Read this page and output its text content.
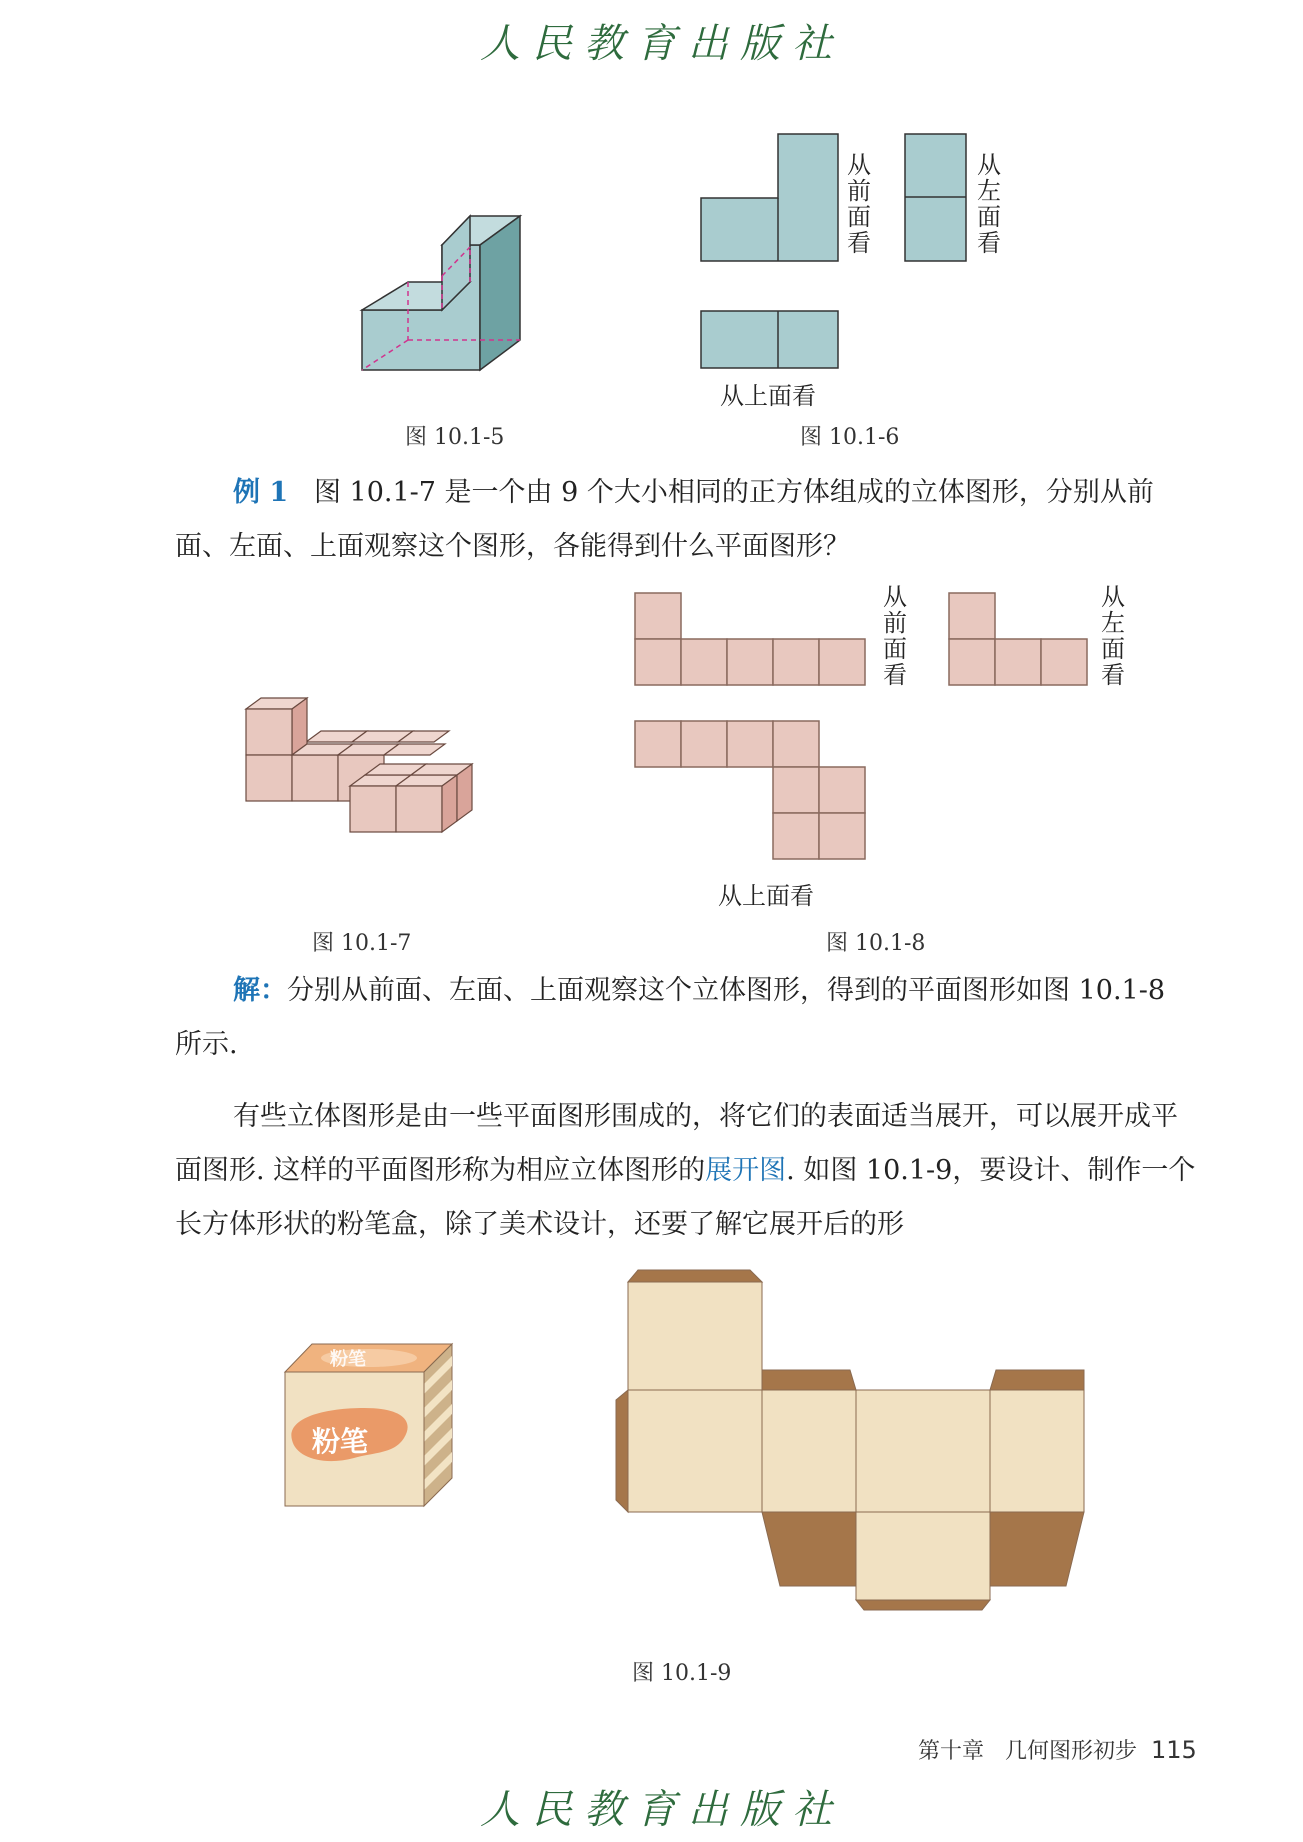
人民教育出版社
图 10.1-5
从前面看
从左面看
从上面看
图 10.1-6
例 1 图 10.1-7 是一个由 9 个大小相同的正方体组成的立体图形，分别从前面、左面、上面观察这个图形，各能得到什么平面图形？
图 10.1-7
从前面看
从左面看
从上面看
图 10.1-8
解：分别从前面、左面、上面观察这个立体图形，得到的平面图形如图 10.1-8 所示.
有些立体图形是由一些平面图形围成的，将它们的表面适当展开，可以展开成平面图形. 这样的平面图形称为相应立体图形的展开图. 如图 10.1-9，要设计、制作一个长方体形状的粉笔盒，除了美术设计，还要了解它展开后的形
粉笔
粉笔
图 10.1-9
第十章 几何图形初步 115
人民教育出版社
